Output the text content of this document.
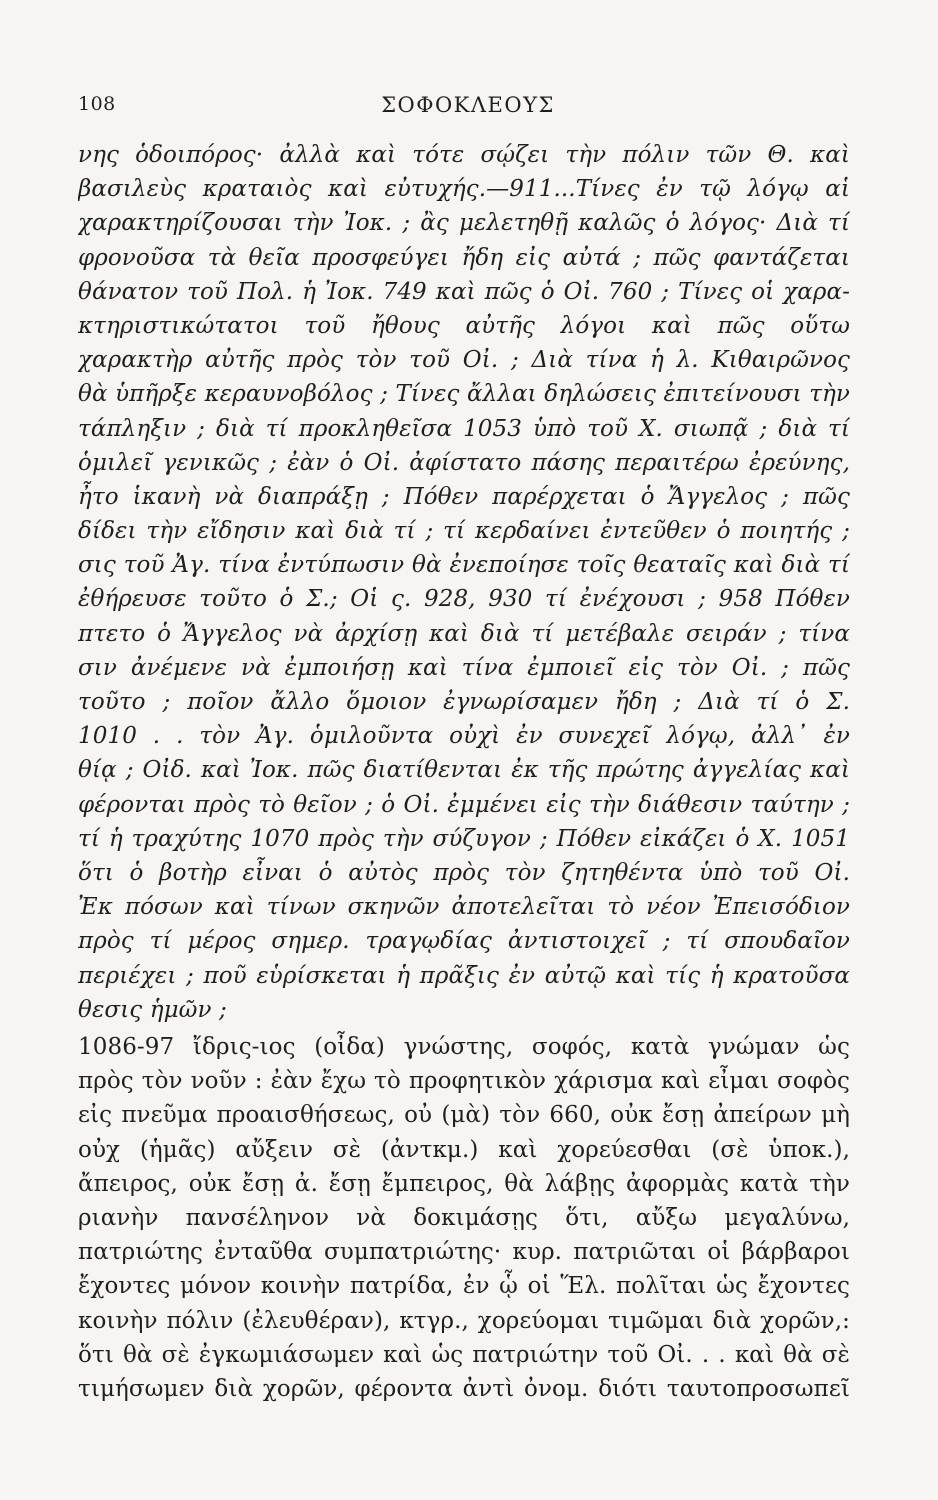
108	ΣΟΦΟΚΛΕΟΥΣ
νης ὁδοιπόρος· ἀλλὰ καὶ τότε σῴζει τὴν πόλιν τῶν Θ. καὶ
βασιλεὺς κραταιὸς καὶ εὐτυχής.—911...Τίνες ἐν τῷ λόγῳ αἱ
χαρακτηρίζουσαι τὴν Ἰοκ. ; ἂς μελετηθῇ καλῶς ὁ λόγος· Διὰ τί
φρονοῦσα τὰ θεῖα προσφεύγει ἤδη εἰς αὐτά ; πῶς φαντάζεται
θάνατον τοῦ Πολ. ἡ Ἰοκ. 749 καὶ πῶς ὁ Οἰ. 760 ; Τίνες οἱ χαρα-
κτηριστικώτατοι τοῦ ἤθους αὐτῆς λόγοι καὶ πῶς οὕτω
χαρακτὴρ αὐτῆς πρὸς τὸν τοῦ Οἰ. ; Διὰ τίνα ἡ λ. Κιθαιρῶνος
θὰ ὑπῆρξε κεραυνοβόλος ; Τίνες ἄλλαι δηλώσεις ἐπιτείνουσι τὴν
τάπληξιν ; διὰ τί προκληθεῖσα 1053 ὑπὸ τοῦ Χ. σιωπᾷ ; διὰ τί
ὁμιλεῖ γενικῶς ; ἐὰν ὁ Οἰ. ἀφίστατο πάσης περαιτέρω ἐρεύνης,
ἦτο ἱκανὴ νὰ διαπράξῃ ; Πόθεν παρέρχεται ὁ Ἄγγελος ; πῶς
δίδει τὴν εἴδησιν καὶ διὰ τί ; τί κερδαίνει ἐντεῦθεν ὁ ποιητής ;
σις τοῦ Ἀγ. τίνα ἐντύπωσιν θὰ ἐνεποίησε τοῖς θεαταῖς καὶ διὰ τί
ἐθήρευσε τοῦτο ὁ Σ.; Οἱ ς. 928, 930 τί ἐνέχουσι ; 958 Πόθεν
πτετο ὁ Ἄγγελος νὰ ἀρχίσῃ καὶ διὰ τί μετέβαλε σειράν ; τίνα
σιν ἀνέμενε νὰ ἐμποιήσῃ καὶ τίνα ἐμποιεῖ εἰς τὸν Οἰ. ; πῶς
τοῦτο ; ποῖον ἄλλο ὅμοιον ἐγνωρίσαμεν ἤδη ; Διὰ τί ὁ Σ.
1010 . . τὸν Ἀγ. ὁμιλοῦντα οὐχὶ ἐν συνεχεῖ λόγῳ, ἀλλ᾽ ἐν
θίᾳ ; Οἰδ. καὶ Ἰοκ. πῶς διατίθενται ἐκ τῆς πρώτης ἀγγελίας καὶ
φέρονται πρὸς τὸ θεῖον ; ὁ Οἰ. ἐμμένει εἰς τὴν διάθεσιν ταύτην ;
τί ἡ τραχύτης 1070 πρὸς τὴν σύζυγον ; Πόθεν εἰκάζει ὁ Χ. 1051
ὅτι ὁ βοτὴρ εἶναι ὁ αὐτὸς πρὸς τὸν ζητηθέντα ὑπὸ τοῦ Οἰ.
Ἐκ πόσων καὶ τίνων σκηνῶν ἀποτελεῖται τὸ νέον Ἐπεισόδιον
πρὸς τί μέρος σημερ. τραγῳδίας ἀντιστοιχεῖ ; τί σπουδαῖον
περιέχει ; ποῦ εὑρίσκεται ἡ πρᾶξις ἐν αὐτῷ καὶ τίς ἡ κρατοῦσα
θεσις ἡμῶν ;
1086-97 ἴδρις-ιος (οἶδα) γνώστης, σοφός, κατὰ γνώμαν ὡς
πρὸς τὸν νοῦν : ἐὰν ἔχω τὸ προφητικὸν χάρισμα καὶ εἶμαι σοφὸς
εἰς πνεῦμα προαισθήσεως, οὐ (μὰ) τὸν 660, οὐκ ἔσῃ ἀπείρων μὴ
οὐχ (ἡμᾶς) αὔξειν σὲ (ἀντκμ.) καὶ χορεύεσθαι (σὲ ὑποκ.),
ἄπειρος, οὐκ ἔσῃ ἀ. ἔσῃ ἔμπειρος, θὰ λάβῃς ἀφορμὰς κατὰ τὴν
ριανὴν πανσέληνον νὰ δοκιμάσῃς ὅτι, αὔξω μεγαλύνω,
πατριώτης ἐνταῦθα συμπατριώτης· κυρ. πατριῶται οἱ βάρβαροι
ἔχοντες μόνον κοινὴν πατρίδα, ἐν ᾧ οἱ Ἕλ. πολῖται ὡς ἔχοντες
κοινὴν πόλιν (ἐλευθέραν), κτγρ., χορεύομαι τιμῶμαι διὰ χορῶν,:
ὅτι θὰ σὲ ἐγκωμιάσωμεν καὶ ὡς πατριώτην τοῦ Οἰ. . . καὶ θὰ σὲ
τιμήσωμεν διὰ χορῶν, φέροντα ἀντὶ ὀνομ. διότι ταυτοπροσωπεῖ
